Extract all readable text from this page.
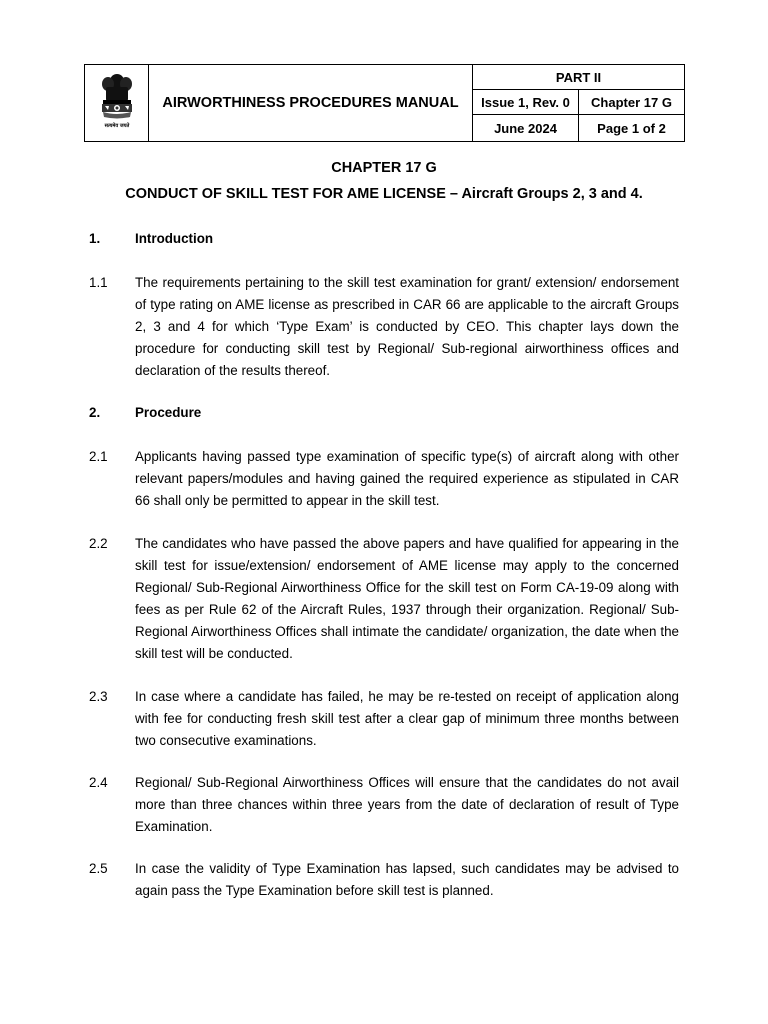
सत्यमेव जयते	AIRWORTHINESS PROCEDURES MANUAL	PART II	
		Issue 1, Rev. 0	Chapter 17 G
		June 2024	Page 1 of 2
CHAPTER 17 G
CONDUCT OF SKILL TEST FOR AME LICENSE – Aircraft Groups 2, 3 and 4.
1.	Introduction
1.1 The requirements pertaining to the skill test examination for grant/ extension/ endorsement of type rating on AME license as prescribed in CAR 66 are applicable to the aircraft Groups 2, 3 and 4 for which ‘Type Exam’ is conducted by CEO. This chapter lays down the procedure for conducting skill test by Regional/ Sub-regional airworthiness offices and declaration of the results thereof.
2.	Procedure
2.1 Applicants having passed type examination of specific type(s) of aircraft along with other relevant papers/modules and having gained the required experience as stipulated in CAR 66 shall only be permitted to appear in the skill test.
2.2 The candidates who have passed the above papers and have qualified for appearing in the skill test for issue/extension/ endorsement of AME license may apply to the concerned Regional/ Sub-Regional Airworthiness Office for the skill test on Form CA-19-09 along with fees as per Rule 62 of the Aircraft Rules, 1937 through their organization. Regional/ Sub-Regional Airworthiness Offices shall intimate the candidate/ organization, the date when the skill test will be conducted.
2.3 In case where a candidate has failed, he may be re-tested on receipt of application along with fee for conducting fresh skill test after a clear gap of minimum three months between two consecutive examinations.
2.4 Regional/ Sub-Regional Airworthiness Offices will ensure that the candidates do not avail more than three chances within three years from the date of declaration of result of Type Examination.
2.5 In case the validity of Type Examination has lapsed, such candidates may be advised to again pass the Type Examination before skill test is planned.
